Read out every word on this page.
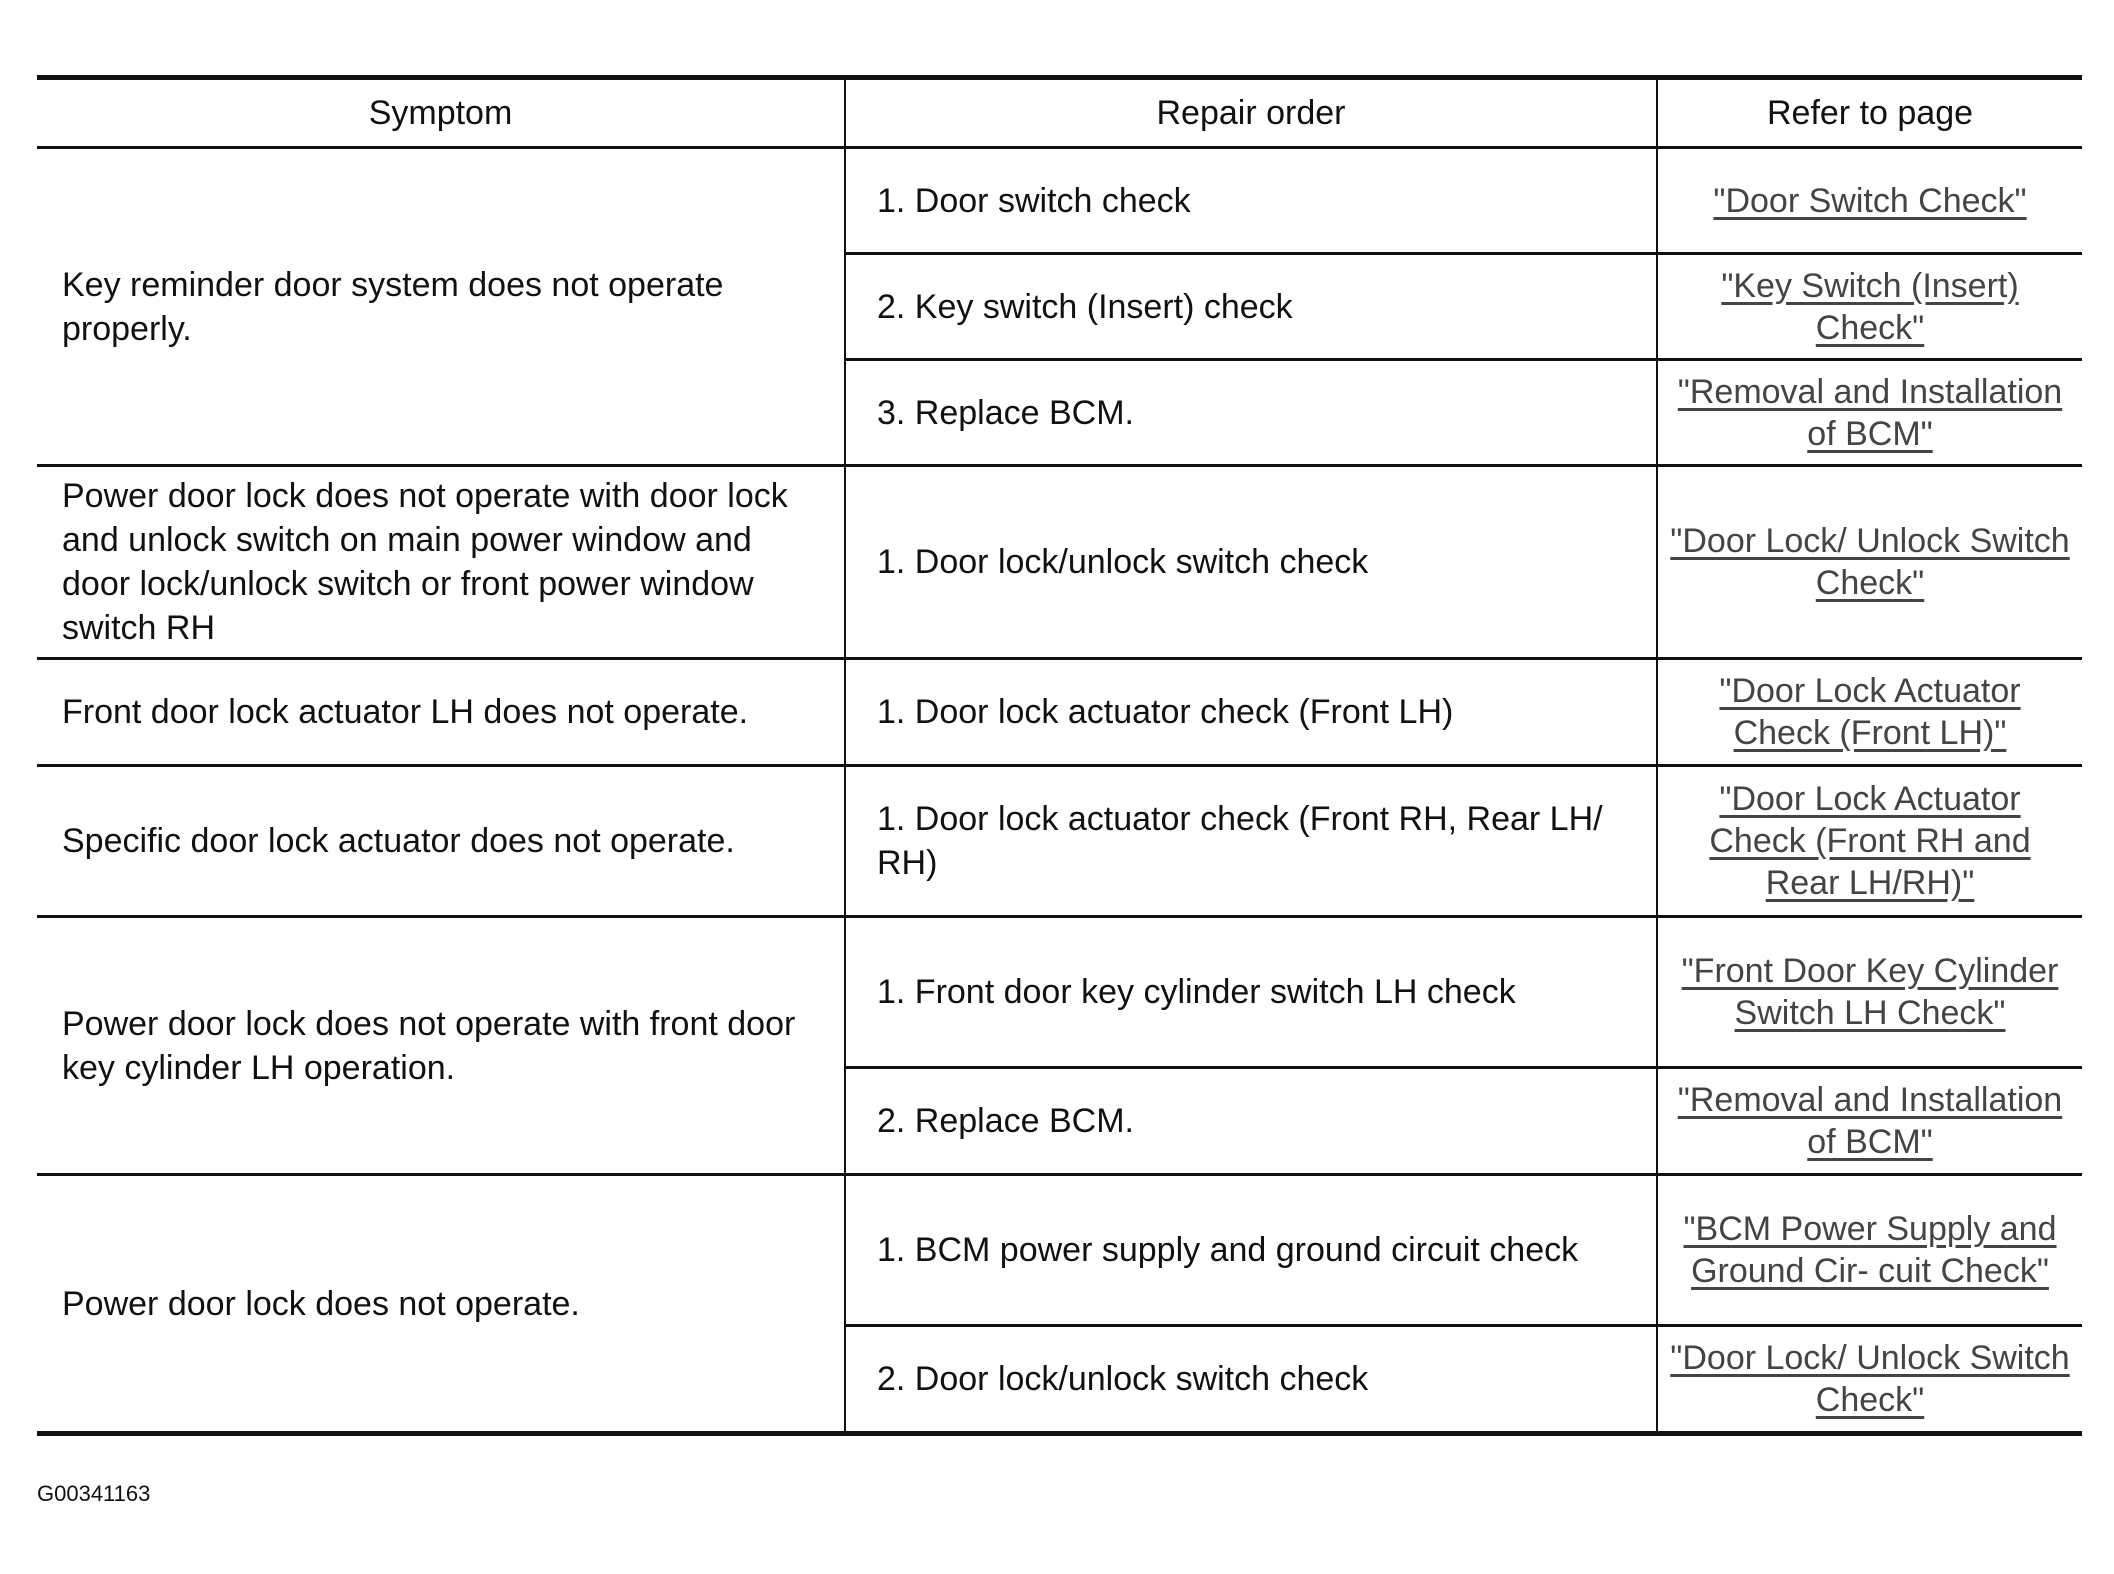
Symptom	Repair order	Refer to page
Key reminder door system does not operate properly.	1. Door switch check	"Door Switch Check"
	2. Key switch (Insert) check	"Key Switch (Insert) Check"
	3. Replace BCM.	"Removal and Installation of BCM"
Power door lock does not operate with door lock and unlock switch on main power window and door lock/unlock switch or front power window switch RH	1. Door lock/unlock switch check	"Door Lock/ Unlock Switch Check"
Front door lock actuator LH does not operate.	1. Door lock actuator check (Front LH)	"Door Lock Actuator Check (Front LH)"
Specific door lock actuator does not operate.	1. Door lock actuator check (Front RH, Rear LH/ RH)	"Door Lock Actuator Check (Front RH and Rear LH/RH)"
Power door lock does not operate with front door key cylinder LH operation.	1. Front door key cylinder switch LH check	"Front Door Key Cylinder Switch LH Check"
	2. Replace BCM.	"Removal and Installation of BCM"
Power door lock does not operate.	1. BCM power supply and ground circuit check	"BCM Power Supply and Ground Cir- cuit Check"
	2. Door lock/unlock switch check	"Door Lock/ Unlock Switch Check"
G00341163
